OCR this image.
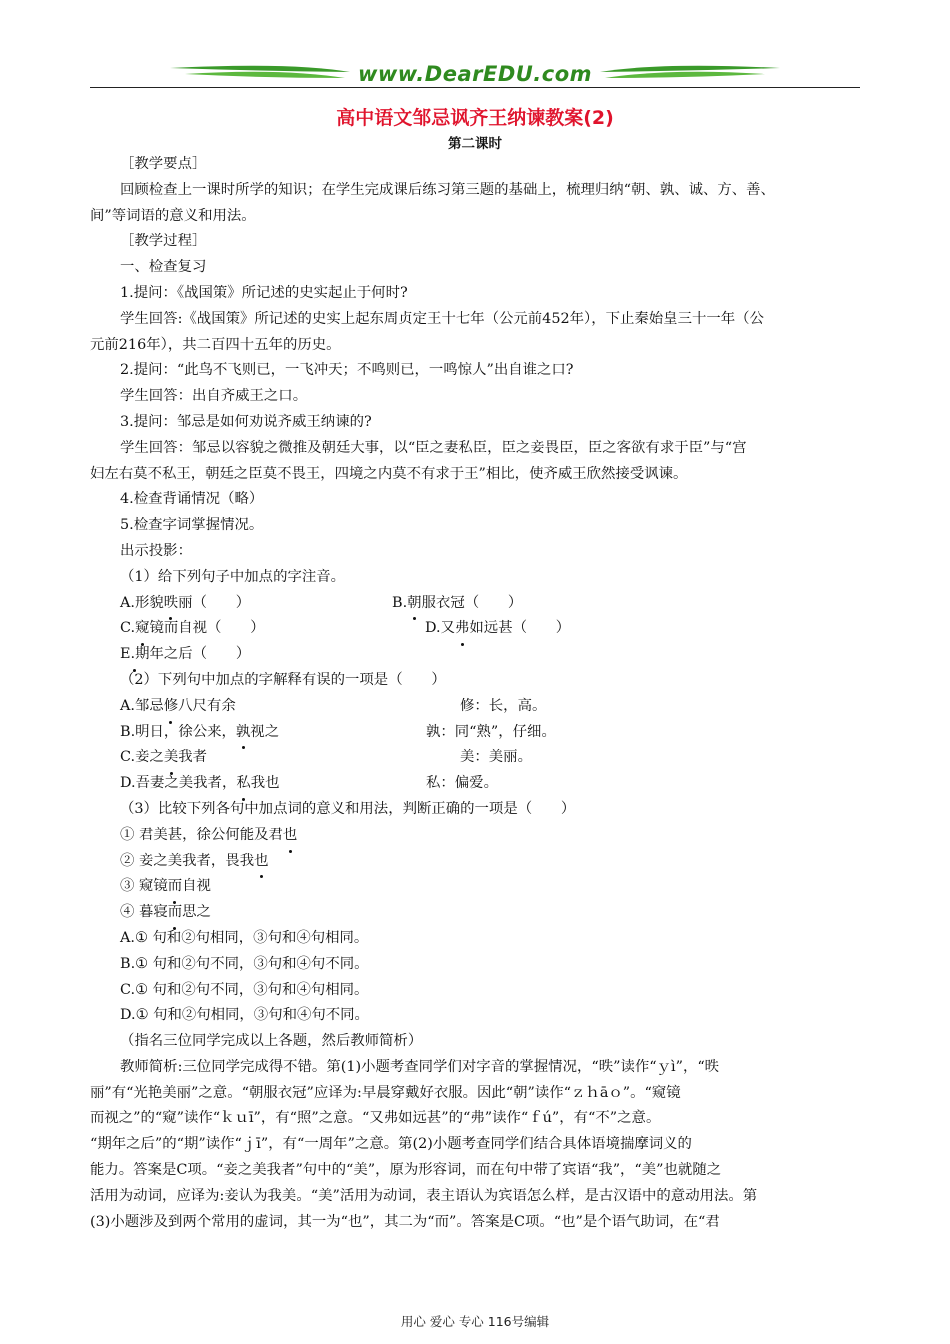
www.DearEDU.com
高中语文邹忌讽齐王纳谏教案(2)
第二课时

［教学要点］

回顾检查上一课时所学的知识；在学生完成课后练习第三题的基础上，梳理归纳“朝、孰、诚、方、善、

间”等词语的意义和用法。

［教学过程］

一、检查复习

1.提问：《战国策》所记述的史实起止于何时?

学生回答:《战国策》所记述的史实上起东周贞定王十七年（公元前452年），下止秦始皇三十一年（公

元前216年），共二百四十五年的历史。

2.提问：“此鸟不飞则已，一飞冲天；不鸣则已，一鸣惊人”出自谁之口?

学生回答：出自齐威王之口。

3.提问：邹忌是如何劝说齐威王纳谏的?

学生回答：邹忌以容貌之微推及朝廷大事，以“臣之妻私臣，臣之妾畏臣，臣之客欲有求于臣”与“宫

妇左右莫不私王，朝廷之臣莫不畏王，四境之内莫不有求于王”相比，使齐威王欣然接受讽谏。

4.检查背诵情况（略）

5.检查字词掌握情况。

出示投影：

（1）给下列句子中加点的字注音。

A.形貌昳丽（　　）	B.朝服衣冠（　　）
C.窥镜而自视（　　）	D.又弗如远甚（　　）
E.期年之后（　　）

（2）下列句中加点的字解释有误的一项是（　　）

A.邹忌修八尺有余	修：长，高。
B.明日，徐公来，孰视之	孰：同“熟”，仔细。
C.妾之美我者	美：美丽。
D.吾妻之美我者，私我也	私：偏爱。

（3）比较下列各句中加点词的意义和用法，判断正确的一项是（　　）

① 君美甚，徐公何能及君也
② 妾之美我者，畏我也
③ 窥镜而自视
④ 暮寝而思之

A.① 句和②句相同，③句和④句相同。

B.① 句和②句不同，③句和④句不同。

C.① 句和②句不同，③句和④句相同。

D.① 句和②句相同，③句和④句不同。

（指名三位同学完成以上各题，然后教师简析）

教师简析:三位同学完成得不错。第(1)小题考查同学们对字音的掌握情况，“昳”读作“ｙì”，“昳

丽”有“光艳美丽”之意。“朝服衣冠”应译为:早晨穿戴好衣服。因此“朝”读作“ｚｈāｏ”。“窥镜

而视之”的“窥”读作“ｋｕī”，有“照”之意。“又弗如远甚”的“弗”读作“ｆú”，有“不”之意。

“期年之后”的“期”读作“ｊī”，有“一周年”之意。第(2)小题考查同学们结合具体语境揣摩词义的

能力。答案是C项。“妾之美我者”句中的“美”，原为形容词，而在句中带了宾语“我”，“美”也就随之

活用为动词，应译为:妾认为我美。“美”活用为动词，表主语认为宾语怎么样，是古汉语中的意动用法。第

(3)小题涉及到两个常用的虚词，其一为“也”，其二为“而”。答案是C项。“也”是个语气助词，在“君

用心 爱心 专心 116号编辑
